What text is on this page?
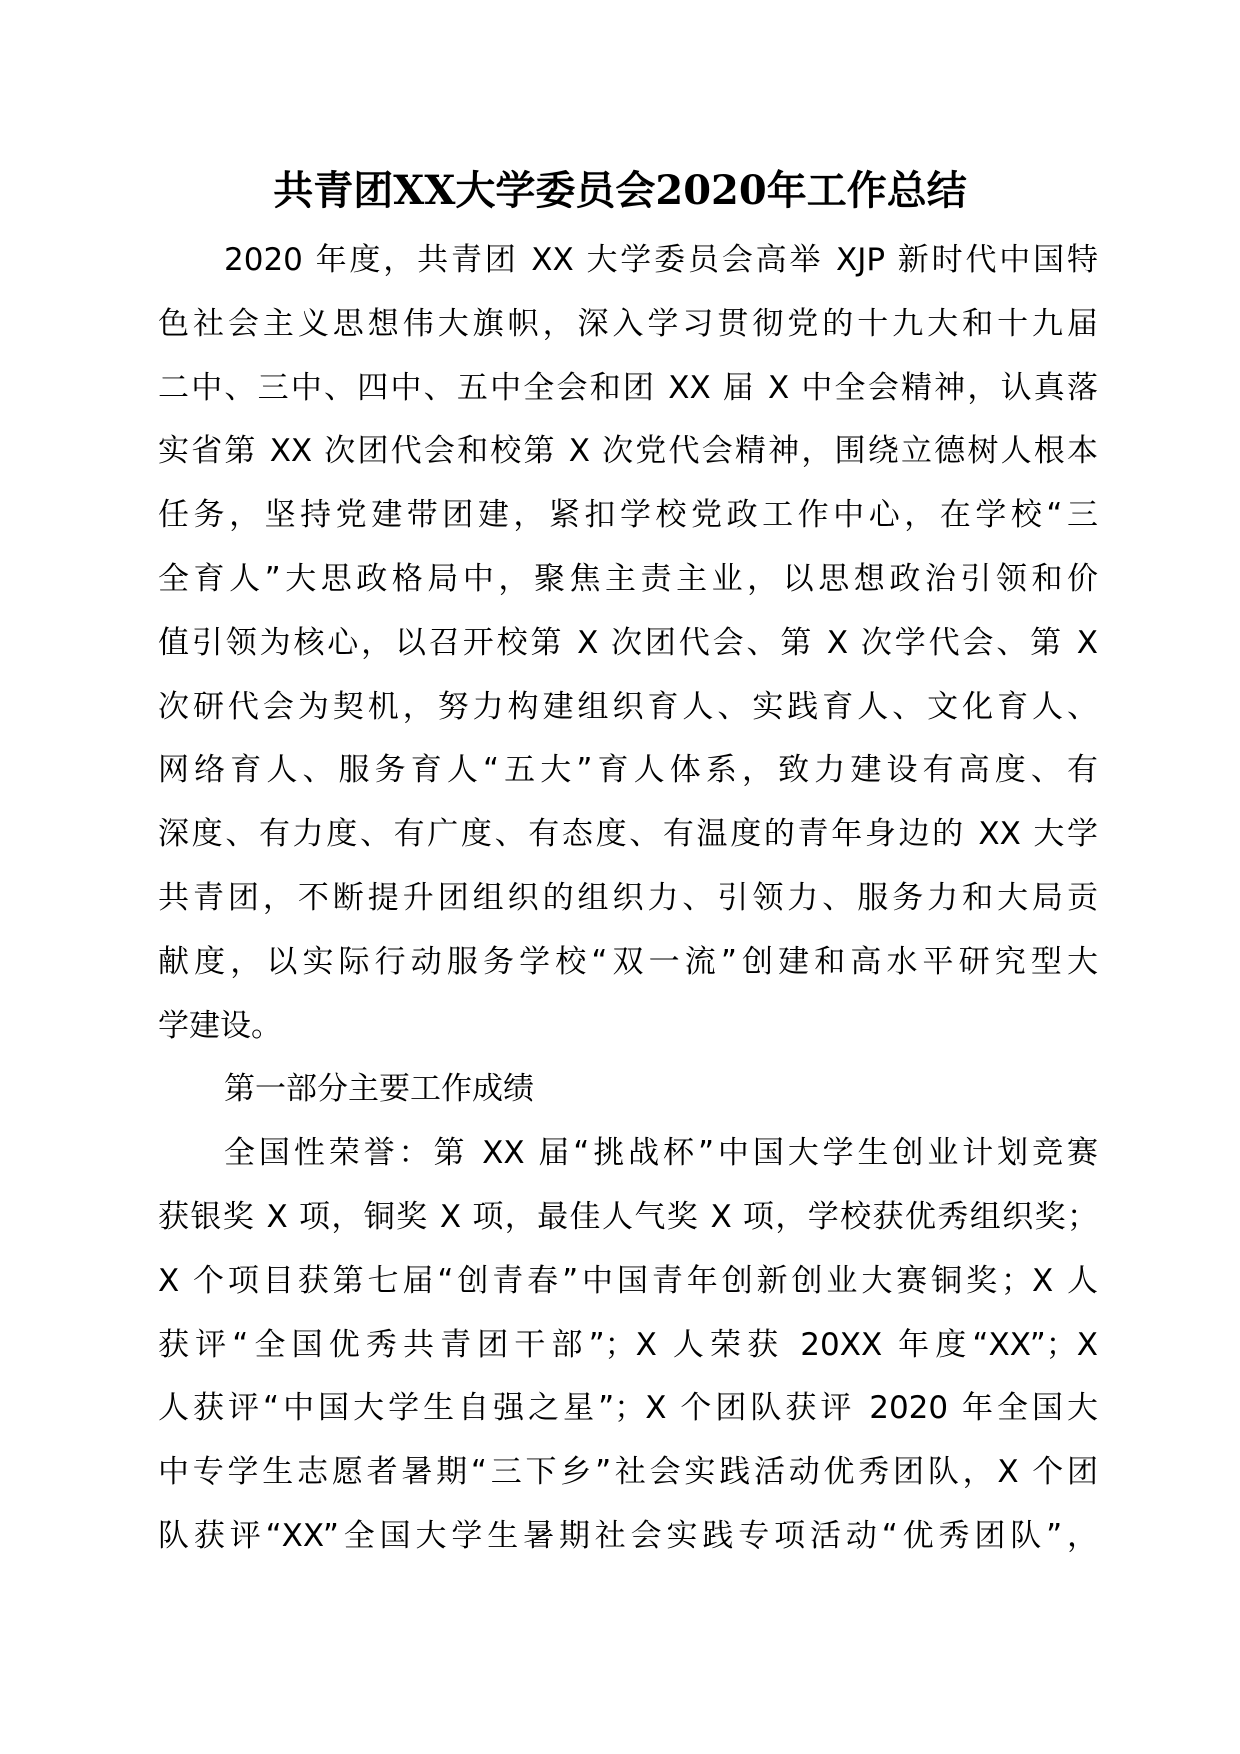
共青团XX大学委员会2020年工作总结
2020 年度，共青团 XX 大学委员会高举 XJP 新时代中国特
色社会主义思想伟大旗帜，深入学习贯彻党的十九大和十九届
二中、三中、四中、五中全会和团 XX 届 X 中全会精神，认真落
实省第 XX 次团代会和校第 X 次党代会精神，围绕立德树人根本
任务，坚持党建带团建，紧扣学校党政工作中心，在学校“三
全育人”大思政格局中，聚焦主责主业，以思想政治引领和价
值引领为核心，以召开校第 X 次团代会、第 X 次学代会、第 X
次研代会为契机，努力构建组织育人、实践育人、文化育人、
网络育人、服务育人“五大”育人体系，致力建设有高度、有
深度、有力度、有广度、有态度、有温度的青年身边的 XX 大学
共青团，不断提升团组织的组织力、引领力、服务力和大局贡
献度，以实际行动服务学校“双一流”创建和高水平研究型大
学建设。
第一部分主要工作成绩
全国性荣誉：第 XX 届“挑战杯”中国大学生创业计划竞赛
获银奖 X 项，铜奖 X 项，最佳人气奖 X 项，学校获优秀组织奖；
X 个项目获第七届“创青春”中国青年创新创业大赛铜奖；X 人
获评“全国优秀共青团干部”；X 人荣获 20XX 年度“XX”；X
人获评“中国大学生自强之星”；X 个团队获评 2020 年全国大
中专学生志愿者暑期“三下乡”社会实践活动优秀团队，X 个团
队获评“XX”全国大学生暑期社会实践专项活动“优秀团队”，
